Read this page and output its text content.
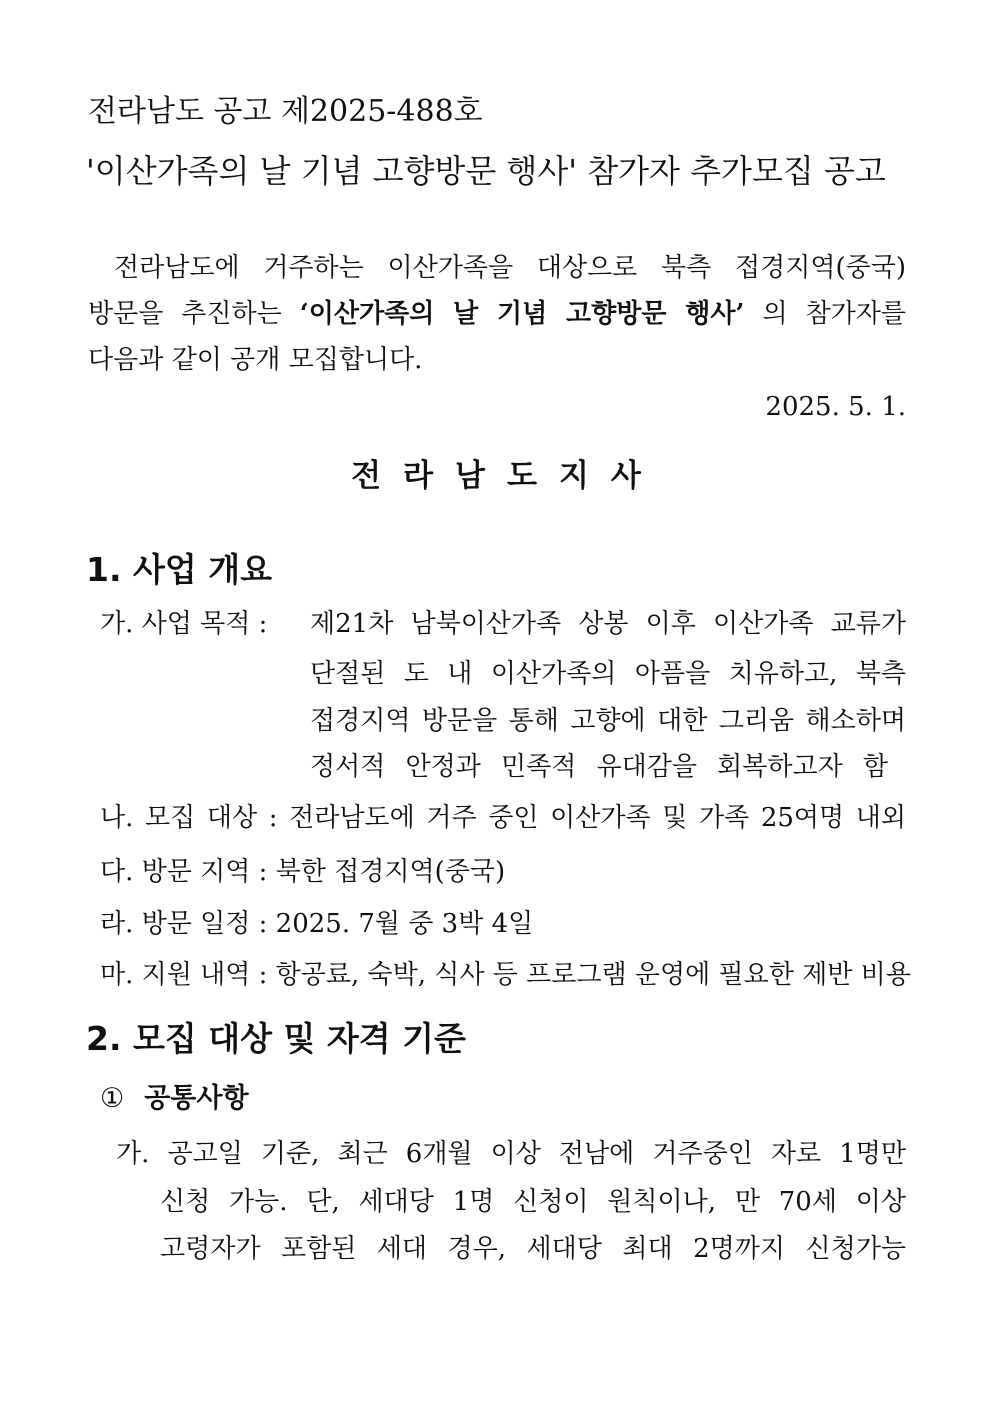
전라남도 공고 제2025-488호
'이산가족의 날 기념 고향방문 행사' 참가자 추가모집 공고
전라남도에 거주하는 이산가족을 대상으로 북측 접경지역(중국)
방문을 추진하는 ‘이산가족의 날 기념 고향방문 행사’ 의 참가자를
다음과 같이 공개 모집합니다.
2025. 5. 1.
전라남도지사
1. 사업 개요
가. 사업 목적 : 제21차 남북이산가족 상봉 이후 이산가족 교류가
단절된 도 내 이산가족의 아픔을 치유하고, 북측
접경지역 방문을 통해 고향에 대한 그리움 해소하며
정서적 안정과 민족적 유대감을 회복하고자 함
나. 모집 대상 : 전라남도에 거주 중인 이산가족 및 가족 25여명 내외
다. 방문 지역 : 북한 접경지역(중국)
라. 방문 일정 : 2025. 7월 중 3박 4일
마. 지원 내역 : 항공료, 숙박, 식사 등 프로그램 운영에 필요한 제반 비용
2. 모집 대상 및 자격 기준
① 공통사항
가. 공고일 기준, 최근 6개월 이상 전남에 거주중인 자로 1명만
신청 가능. 단, 세대당 1명 신청이 원칙이나, 만 70세 이상
고령자가 포함된 세대 경우, 세대당 최대 2명까지 신청가능
